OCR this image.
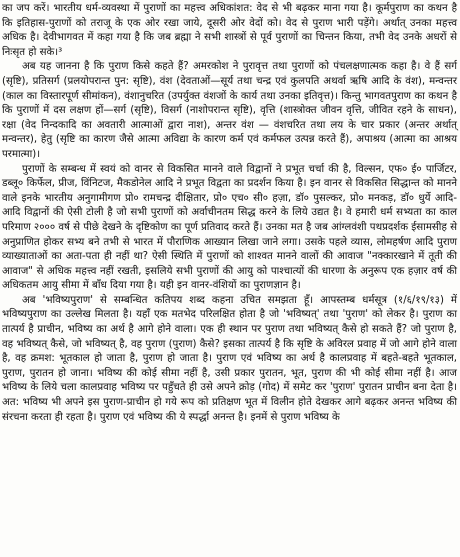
का जप करें। भारतीय धर्म-व्यवस्था में पुराणों का महत्त्व अधिकांशत: वेद से भी बढ़कर माना गया है। कूर्मपुराण का कथन है कि इतिहास-पुराणों को तराजू के एक ओर रखा जाये, दूसरी ओर वेदों को। वेद से पुराण भारी पड़ेंगे। अर्थात् उनका महत्त्व अधिक है। देवीभागवत में कहा गया है कि जब ब्रह्मा ने सभी शास्त्रों से पूर्व पुराणों का चिन्तन किया, तभी वेद उनके अधरों से निःसृत हो सके।³

अब यह जानना है कि पुराण किसे कहते हैं? अमरकोश ने पुरावृत्त तथा पुराणों को पंचलक्षणात्मक कहा है। वे हैं सर्ग (सृष्टि), प्रतिसर्ग (प्रलयोपरान्त पुन: सृष्टि), वंश (देवताओं—सूर्य तथा चन्द्र एवं कुलपति अथर्वा ऋषि आदि के वंश), मन्वन्तर (काल का विस्तारपूर्ण सीमांकन), वंशानुचरित (उपर्युक्त वंशजों के कार्य तथा उनका इतिवृत्त)। किन्तु भागवतपुराण का कथन है कि पुराणों में दस लक्षण हों—सर्ग (सृष्टि), विसर्ग (नाशोपरान्त सृष्टि), वृत्ति (शास्त्रोक्त जीवन वृत्ति, जीवित रहने के साधन), रक्षा (वेद निन्दकादि का अवतारी आत्माओं द्वारा नाश), अन्तर वंश — वंशचरित तथा लय के चार प्रकार (अन्तर अर्थात् मन्वन्तर), हेतु (सृष्टि का कारण जैसे आत्मा अविद्या के कारण कर्म एवं कर्मफल उत्पन्न करते हैं), अपाश्रय (आत्मा का आश्रय परमात्मा)।

पुराणों के सम्बन्ध में स्वयं को वानर से विकसित मानने वाले विद्वानों ने प्रभूत चर्चा की है, विल्सन, एफ० ई० पार्जिटर, डब्लू० किर्फेल, प्रीज, विंनिटज, मैकडोनेल आदि ने प्रभूत विद्वता का प्रदर्शन किया है। इन वानर से विकसित सिद्धान्त को मानने वाले इनके भारतीय अनुगामीगण प्रो० रामचन्द्र दीक्षितार, प्रो० एच० सी० हज़ा, डॉ० पुसल्कर, प्रो० मनकड़, डॉ० धुर्ये आदि-आदि विद्वानों की ऐसी टोली है जो सभी पुराणों को अर्वाचीनतम सिद्ध करने के लिये उद्यत है। वे हमारी धर्म सभ्यता का काल परिमाण २००० वर्ष से पीछे देखने के दृष्टिकोण का पूर्ण प्रतिवाद करते हैं। उनका मत है जब आंग्लवंशी पथप्रदर्शक ईसामसीह से अनुप्राणित होकर सभ्य बने तभी से भारत में पौराणिक आख्यान लिखा जाने लगा। उसके पहले व्यास, लोमहर्षण आदि पुराण व्याख्याताओं का अता-पता ही नहीं था? ऐसी स्थिति में पुराणों को शाश्वत मानने वालों की आवाज "नक्कारखाने में तूती की आवाज" से अधिक महत्त्व नहीं रखती, इसलिये सभी पुराणों की आयु को पाश्चात्यों की धारणा के अनुरूप एक हज़ार वर्ष की अधिकतम आयु सीमा में बाँध दिया गया है। यही इन वानर-वंशियों का पुराणज्ञान है।

अब 'भविष्यपुराण' से सम्बन्धित कतिपय शब्द कहना उचित समझता हूँ। आपस्तम्ब धर्मसूत्र (१/६/१९/१३) में भविष्यपुराण का उल्लेख मिलता है। यहाँ एक मतभेद परिलक्षित होता है जो 'भविष्यत्' तथा 'पुराण' को लेकर है। पुराण का तात्पर्य है प्राचीन, भविष्य का अर्थ है आगे होने वाला। एक ही स्थान पर पुराण तथा भविष्यत् कैसे हो सकते हैं? जो पुराण है, वह भविष्यत् कैसे, जो भविष्यत् है, वह पुराण (पुराण) कैसे? इसका तात्पर्य है कि सृष्टि के अविरल प्रवाह में जो आगे होने वाला है, वह क्रमश: भूतकाल हो जाता है, पुराण हो जाता है। पुराण एवं भविष्य का अर्थ है कालप्रवाह में बहते-बहते भूतकाल, पुराण, पुरातन हो जाना। भविष्य की कोई सीमा नहीं है, उसी प्रकार पुरातन, भूत, पुराण की भी कोई सीमा नहीं है। आज भविष्य के लिये चला कालप्रवाह भविष्य पर पहुँचते ही उसे अपने क्रोड़ (गोद) में समेट कर 'पुराण' पुरातन प्राचीन बना देता है। अत: भविष्य भी अपने इस पुराण-प्राचीन हो गये रूप को प्रतिक्षण भूत में विलीन होते देखकर आगे बढ़कर अनन्त भविष्य की संरचना करता ही रहता है। पुराण एवं भविष्य की ये स्पर्द्धा अनन्त है। इनमें से पुराण भविष्य के
